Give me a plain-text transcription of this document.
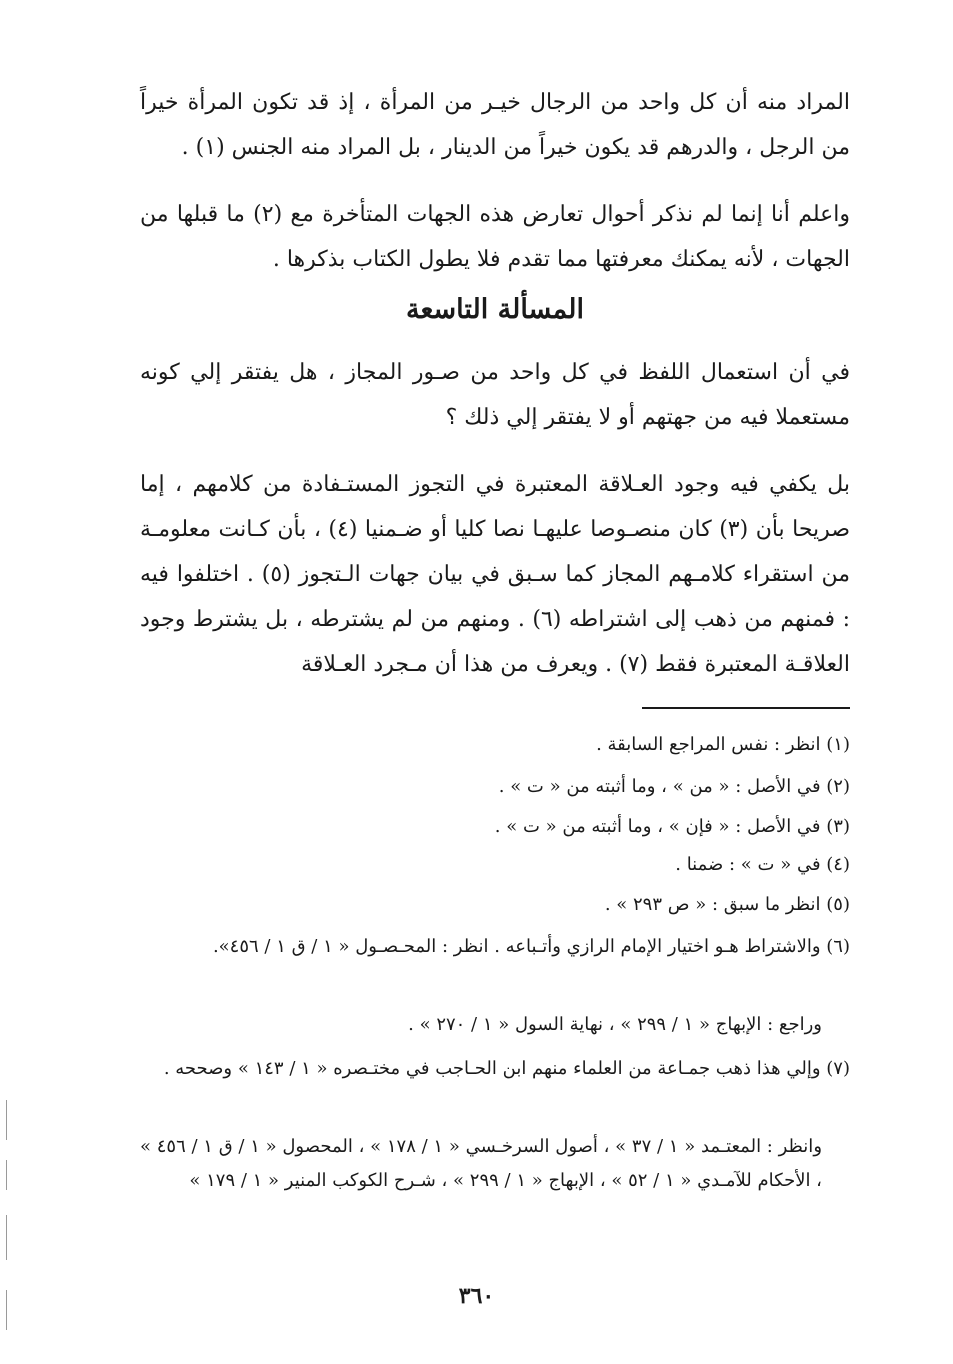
المراد منه أن كل واحد من الرجال خيـر من المرأة ، إذ قد تكون المرأة خيراً من الرجل ، والدرهم قد يكون خيراً من الدينار ، بل المراد منه الجنس (١) .

واعلم أنا إنما لم نذكر أحوال تعارض هذه الجهات المتأخرة مع (٢) ما قبلها من الجهات ، لأنه يمكنك معرفتها مما تقدم فلا يطول الكتاب بذكرها .

المسألة التاسعة

في أن استعمال اللفظ في كل واحد من صـور المجاز ، هل يفتقر إلي كونه مستعملا فيه من جهتهم أو لا يفتقر إلي ذلك ؟

بل يكفي فيه وجود العـلاقة المعتبرة في التجوز المستـفادة من كلامهم ، إما صريحا بأن (٣) كان منصـوصا عليهـا نصا كليا أو ضـمنيا (٤) ، بأن كـانت معلومـة من استقراء كلامـهم المجاز كما سـبق في بيان جهات الـتجوز (٥) . اختلفوا فيه : فمنهم من ذهب إلى اشتراطه (٦) . ومنهم من لم يشترطه ، بل يشترط وجود العلاقـة المعتبرة فقط (٧) . ويعرف من هذا أن مـجرد العـلاقة

(١) انظر : نفس المراجع السابقة .

(٢) في الأصل : « من » ، وما أثبته من « ت » .

(٣) في الأصل : « فإن » ، وما أثبته من « ت » .

(٤) في « ت » : ضمنا .

(٥) انظر ما سبق : « ص ٢٩٣ » .

(٦) والاشتراط هـو اختيار الإمام الرازي وأتـباعه . انظر : المحـصـول « ١ / ق ١ / ٤٥٦».

وراجع : الإبهاج « ١ / ٢٩٩ » ، نهاية السول « ١ / ٢٧٠ » .

(٧) وإلي هذا ذهب جمـاعة من العلماء منهم ابن الحـاجب في مختـصره « ١ / ١٤٣ » وصححه .

وانظر : المعتـمد « ١ / ٣٧ » ، أصول السرخـسي « ١ / ١٧٨ » ، المحصول « ١ / ق ١ / ٤٥٦ » ، الأحكام للآمـدي « ١ / ٥٢ » ، الإبهاج « ١ / ٢٩٩ » ، شـرح الكوكب المنير « ١ / ١٧٩ »

٣٦٠
